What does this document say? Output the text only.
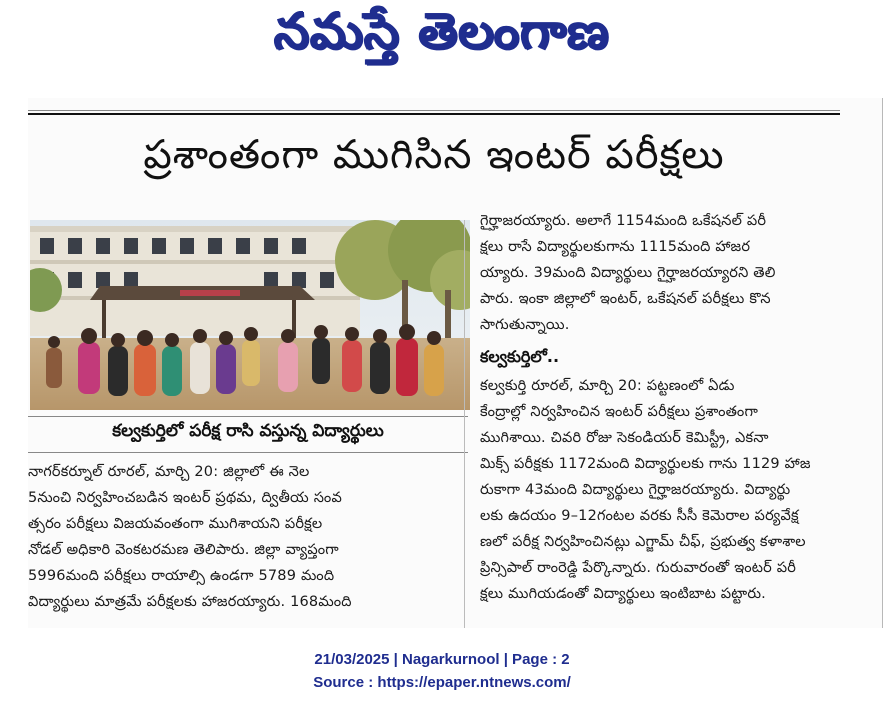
నమస్తే తెలంగాణ
ప్రశాంతంగా ముగిసిన ఇంటర్ పరీక్షలు
కల్వకుర్తిలో పరీక్ష రాసి వస్తున్న విద్యార్థులు
నాగర్‌కర్నూల్ రూరల్, మార్చి 20: జిల్లాలో ఈ నెల
5నుంచి నిర్వహించబడిన ఇంటర్ ప్రథమ, ద్వితీయ సంవ
త్సరం పరీక్షలు విజయవంతంగా ముగిశాయని పరీక్షల
నోడల్ అధికారి వెంకటరమణ తెలిపారు. జిల్లా వ్యాప్తంగా
5996మంది పరీక్షలు రాయాల్సి ఉండగా 5789 మంది
విద్యార్థులు మాత్రమే పరీక్షలకు హాజరయ్యారు. 168మంది
గైర్హాజరయ్యారు. అలాగే 1154మంది ఒకేషనల్ పరీ
క్షలు రాసే విద్యార్థులకుగాను 1115మంది హాజర
య్యారు. 39మంది విద్యార్థులు గైర్హాజరయ్యారని తెలి
పారు. ఇంకా జిల్లాలో ఇంటర్, ఒకేషనల్ పరీక్షలు కొన
సాగుతున్నాయి.
కల్వకుర్తిలో..
కల్వకుర్తి రూరల్, మార్చి 20: పట్టణంలో ఏడు
కేంద్రాల్లో నిర్వహించిన ఇంటర్ పరీక్షలు ప్రశాంతంగా
ముగిశాయి. చివరి రోజు సెకండియర్ కెమిస్ట్రీ, ఎకనా
మిక్స్ పరీక్షకు 1172మంది విద్యార్థులకు గాను 1129 హాజ
రుకాగా 43మంది విద్యార్థులు గైర్హాజరయ్యారు. విద్యార్థు
లకు ఉదయం 9–12గంటల వరకు సీసీ కెమెరాల పర్యవేక్ష
ణలో పరీక్ష నిర్వహించినట్లు ఎగ్జామ్ చీఫ్, ప్రభుత్వ కళాశాల
ప్రిన్సిపాల్ రాంరెడ్డి పేర్కొన్నారు. గురువారంతో ఇంటర్ పరీ
క్షలు ముగియడంతో విద్యార్థులు ఇంటిబాట పట్టారు.
21/03/2025 | Nagarkurnool | Page : 2
Source : https://epaper.ntnews.com/
